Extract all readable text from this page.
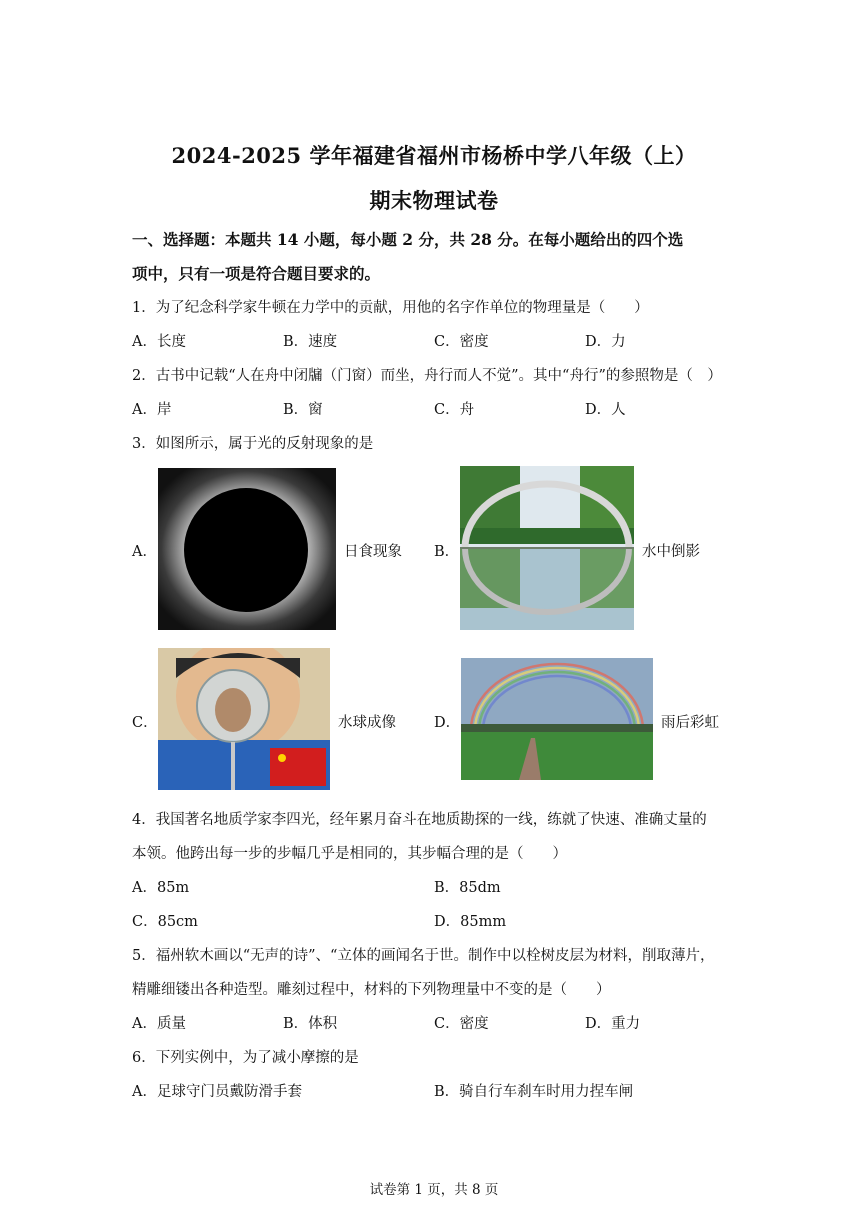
2024-2025 学年福建省福州市杨桥中学八年级（上）
期末物理试卷
一、选择题：本题共 14 小题，每小题 2 分，共 28 分。在每小题给出的四个选
项中，只有一项是符合题目要求的。
1．为了纪念科学家牛顿在力学中的贡献，用他的名字作单位的物理量是（　　）
A．长度	B．速度	C．密度	D．力
2．古书中记载“人在舟中闭牖（门窗）而坐，舟行而人不觉”。其中“舟行”的参照物是（　）
A．岸	B．窗	C．舟	D．人
3．如图所示，属于光的反射现象的是
A．	日食现象 B．	水中倒影
C．	水球成像	D．	雨后彩虹
4．我国著名地质学家李四光，经年累月奋斗在地质勘探的一线，练就了快速、准确丈量的
本领。他跨出每一步的步幅几乎是相同的，其步幅合理的是（　　）
A．85m	B．85dm
C．85cm	D．85mm
5．福州软木画以“无声的诗”、“立体的画闻名于世。制作中以栓树皮层为材料，削取薄片，
精雕细镂出各种造型。雕刻过程中，材料的下列物理量中不变的是（　　）
A．质量	B．体积	C．密度	D．重力
6．下列实例中，为了减小摩擦的是
A．足球守门员戴防滑手套	B．骑自行车刹车时用力捏车闸
试卷第 1 页，共 8 页
